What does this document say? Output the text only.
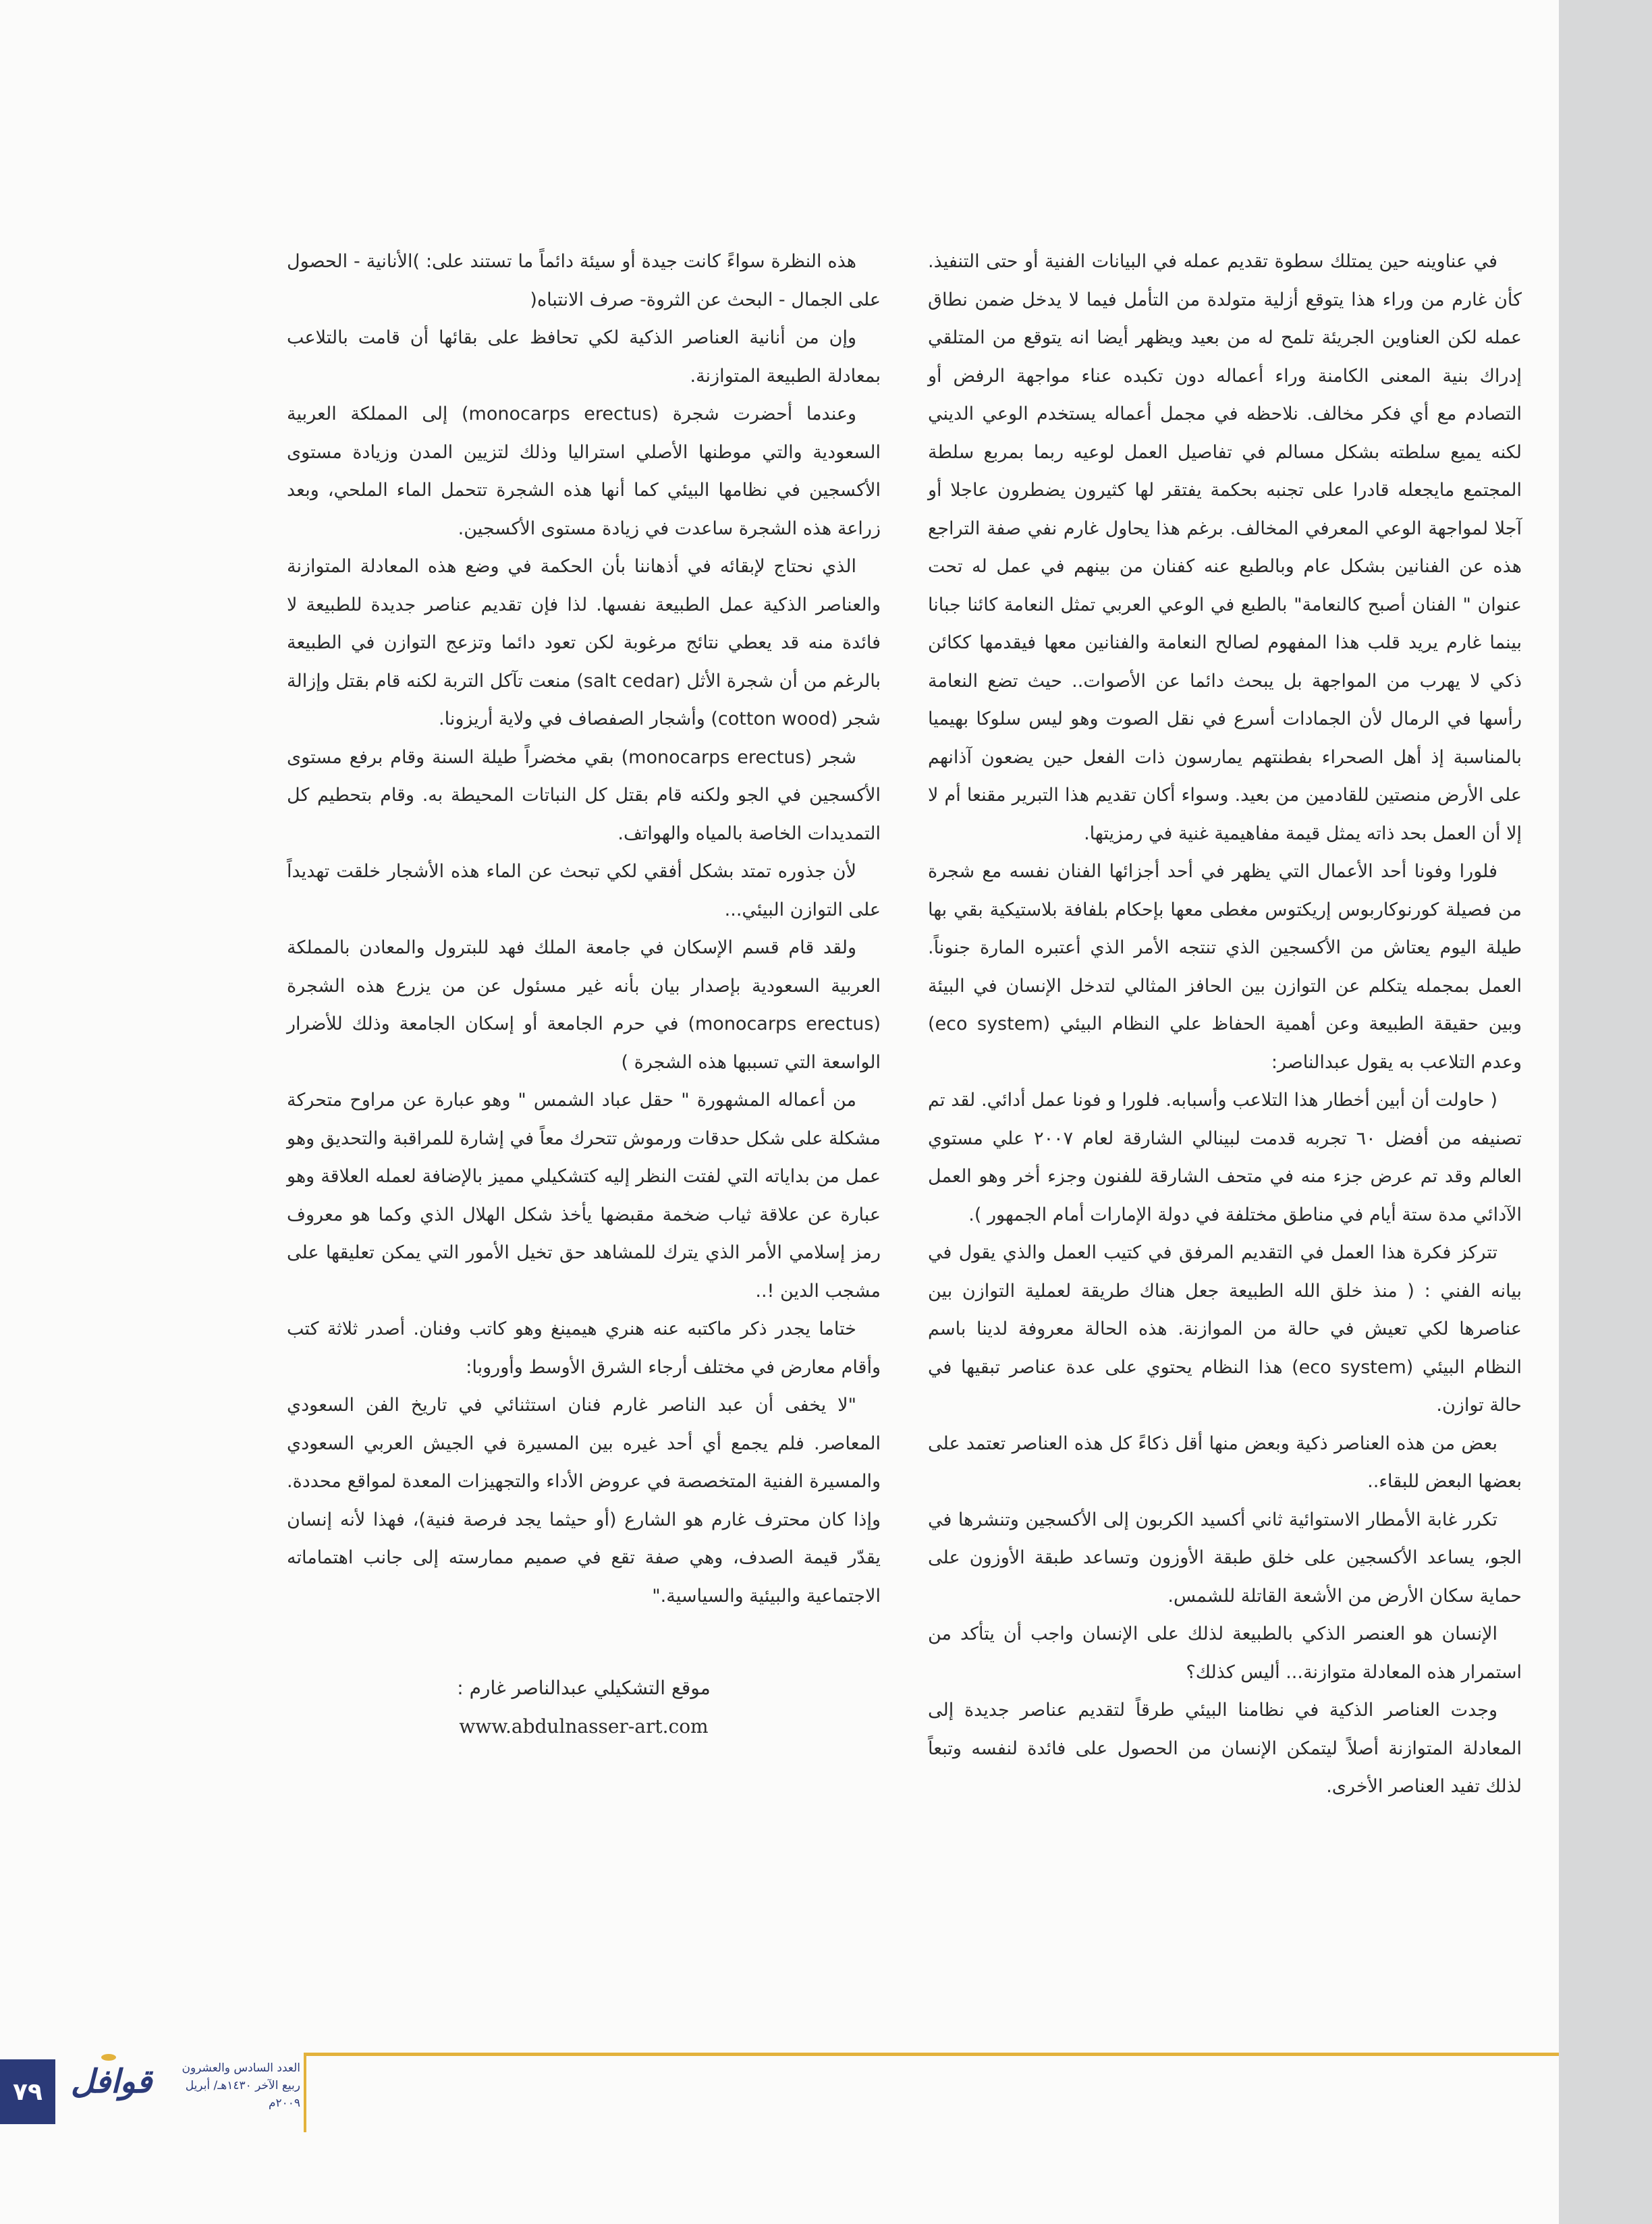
في عناوينه حين يمتلك سطوة تقديم عمله في البيانات الفنية أو حتى التنفيذ. كأن غارم من وراء هذا يتوقع أزلية متولدة من التأمل فيما لا يدخل ضمن نطاق عمله لكن العناوين الجريئة تلمح له من بعيد ويظهر أيضا انه يتوقع من المتلقي إدراك بنية المعنى الكامنة وراء أعماله دون تكبده عناء مواجهة الرفض أو التصادم مع أي فكر مخالف. نلاحظه في مجمل أعماله يستخدم الوعي الديني لكنه يميع سلطته بشكل مسالم في تفاصيل العمل لوعيه ربما بمربع سلطة المجتمع مايجعله قادرا على تجنبه بحكمة يفتقر لها كثيرون يضطرون عاجلا أو آجلا لمواجهة الوعي المعرفي المخالف. برغم هذا يحاول غارم نفي صفة التراجع هذه عن الفنانين بشكل عام وبالطبع عنه كفنان من بينهم في عمل له تحت عنوان " الفنان أصبح كالنعامة" بالطبع في الوعي العربي تمثل النعامة كائنا جبانا بينما غارم يريد قلب هذا المفهوم لصالح النعامة والفنانين معها فيقدمها ككائن ذكي لا يهرب من المواجهة بل يبحث دائما عن الأصوات.. حيث تضع النعامة رأسها في الرمال لأن الجمادات أسرع في نقل الصوت وهو ليس سلوكا بهيميا بالمناسبة إذ أهل الصحراء بفطنتهم يمارسون ذات الفعل حين يضعون آذانهم على الأرض منصتين للقادمين من بعيد. وسواء أكان تقديم هذا التبرير مقنعا أم لا إلا أن العمل بحد ذاته يمثل قيمة مفاهيمية غنية في رمزيتها.

فلورا وفونا أحد الأعمال التي يظهر في أحد أجزائها الفنان نفسه مع شجرة من فصيلة كورنوكاربوس إريكتوس مغطى معها بإحكام بلفافة بلاستيكية بقي بها طيلة اليوم يعتاش من الأكسجين الذي تنتجه الأمر الذي أعتبره المارة جنوناً. العمل بمجمله يتكلم عن التوازن بين الحافز المثالي لتدخل الإنسان في البيئة وبين حقيقة الطبيعة وعن أهمية الحفاظ علي النظام البيئي (eco system) وعدم التلاعب به يقول عبدالناصر:

( حاولت أن أبين أخطار هذا التلاعب وأسبابه. فلورا و فونا عمل أدائي. لقد تم تصنيفه من أفضل ٦٠ تجربه قدمت لبينالي الشارقة لعام ٢٠٠٧ علي مستوي العالم وقد تم عرض جزء منه في متحف الشارقة للفنون وجزء أخر وهو العمل الآدائي مدة ستة أيام في مناطق مختلفة في دولة الإمارات أمام الجمهور ).

تتركز فكرة هذا العمل في التقديم المرفق في كتيب العمل والذي يقول في بيانه الفني : ( منذ خلق الله الطبيعة جعل هناك طريقة لعملية التوازن بين عناصرها لكي تعيش في حالة من الموازنة. هذه الحالة معروفة لدينا باسم النظام البيئي (eco system) هذا النظام يحتوي على عدة عناصر تبقيها في حالة توازن.

بعض من هذه العناصر ذكية وبعض منها أقل ذكاءً كل هذه العناصر تعتمد على بعضها البعض للبقاء..

تكرر غابة الأمطار الاستوائية ثاني أكسيد الكربون إلى الأكسجين وتنشرها في الجو، يساعد الأكسجين على خلق طبقة الأوزون وتساعد طبقة الأوزون على حماية سكان الأرض من الأشعة القاتلة للشمس.

الإنسان هو العنصر الذكي بالطبيعة لذلك على الإنسان واجب أن يتأكد من استمرار هذه المعادلة متوازنة... أليس كذلك؟

وجدت العناصر الذكية في نظامنا البيئي طرقاً لتقديم عناصر جديدة إلى المعادلة المتوازنة أصلاً ليتمكن الإنسان من الحصول على فائدة لنفسه وتبعاً لذلك تفيد العناصر الأخرى.

هذه النظرة سواءً كانت جيدة أو سيئة دائماً ما تستند على: )الأنانية - الحصول على الجمال - البحث عن الثروة- صرف الانتباه(

وإن من أنانية العناصر الذكية لكي تحافظ على بقائها أن قامت بالتلاعب بمعادلة الطبيعة المتوازنة.

وعندما أحضرت شجرة (monocarps erectus) إلى المملكة العربية السعودية والتي موطنها الأصلي استراليا وذلك لتزيين المدن وزيادة مستوى الأكسجين في نظامها البيئي كما أنها هذه الشجرة تتحمل الماء الملحي، وبعد زراعة هذه الشجرة ساعدت في زيادة مستوى الأكسجين.

الذي نحتاج لإبقائه في أذهاننا بأن الحكمة في وضع هذه المعادلة المتوازنة والعناصر الذكية عمل الطبيعة نفسها. لذا فإن تقديم عناصر جديدة للطبيعة لا فائدة منه قد يعطي نتائج مرغوبة لكن تعود دائما وتزعج التوازن في الطبيعة بالرغم من أن شجرة الأثل (salt cedar) منعت تآكل التربة لكنه قام بقتل وإزالة شجر (cotton wood) وأشجار الصفصاف في ولاية أريزونا.

شجر (monocarps erectus) بقي مخضراً طيلة السنة وقام برفع مستوى الأكسجين في الجو ولكنه قام بقتل كل النباتات المحيطة به. وقام بتحطيم كل التمديدات الخاصة بالمياه والهواتف.

لأن جذوره تمتد بشكل أفقي لكي تبحث عن الماء هذه الأشجار خلقت تهديداً على التوازن البيئي...

ولقد قام قسم الإسكان في جامعة الملك فهد للبترول والمعادن بالمملكة العربية السعودية بإصدار بيان بأنه غير مسئول عن من يزرع هذه الشجرة (monocarps erectus) في حرم الجامعة أو إسكان الجامعة وذلك للأضرار الواسعة التي تسببها هذه الشجرة )

من أعماله المشهورة " حقل عباد الشمس " وهو عبارة عن مراوح متحركة مشكلة على شكل حدقات ورموش تتحرك معاً في إشارة للمراقبة والتحديق وهو عمل من بداياته التي لفتت النظر إليه كتشكيلي مميز بالإضافة لعمله العلاقة وهو عبارة عن علاقة ثياب ضخمة مقبضها يأخذ شكل الهلال الذي وكما هو معروف رمز إسلامي الأمر الذي يترك للمشاهد حق تخيل الأمور التي يمكن تعليقها على مشجب الدين !..

ختاما يجدر ذكر ماكتبه عنه هنري هيمينغ وهو كاتب وفنان. أصدر ثلاثة كتب وأقام معارض في مختلف أرجاء الشرق الأوسط وأوروبا:

"لا يخفى أن عبد الناصر غارم فنان استثنائي في تاريخ الفن السعودي المعاصر. فلم يجمع أي أحد غيره بين المسيرة في الجيش العربي السعودي والمسيرة الفنية المتخصصة في عروض الأداء والتجهيزات المعدة لمواقع محددة. وإذا كان محترف غارم هو الشارع (أو حيثما يجد فرصة فنية)، فهذا لأنه إنسان يقدّر قيمة الصدف، وهي صفة تقع في صميم ممارسته إلى جانب اهتماماته الاجتماعية والبيئية والسياسية."

موقع التشكيلي عبدالناصر غارم :

www.abdulnasser-art.com

٧٩ قوافل	العدد السادس والعشرون
ربيع الآخر ١٤٣٠هـ/ أبريل ٢٠٠٩م
